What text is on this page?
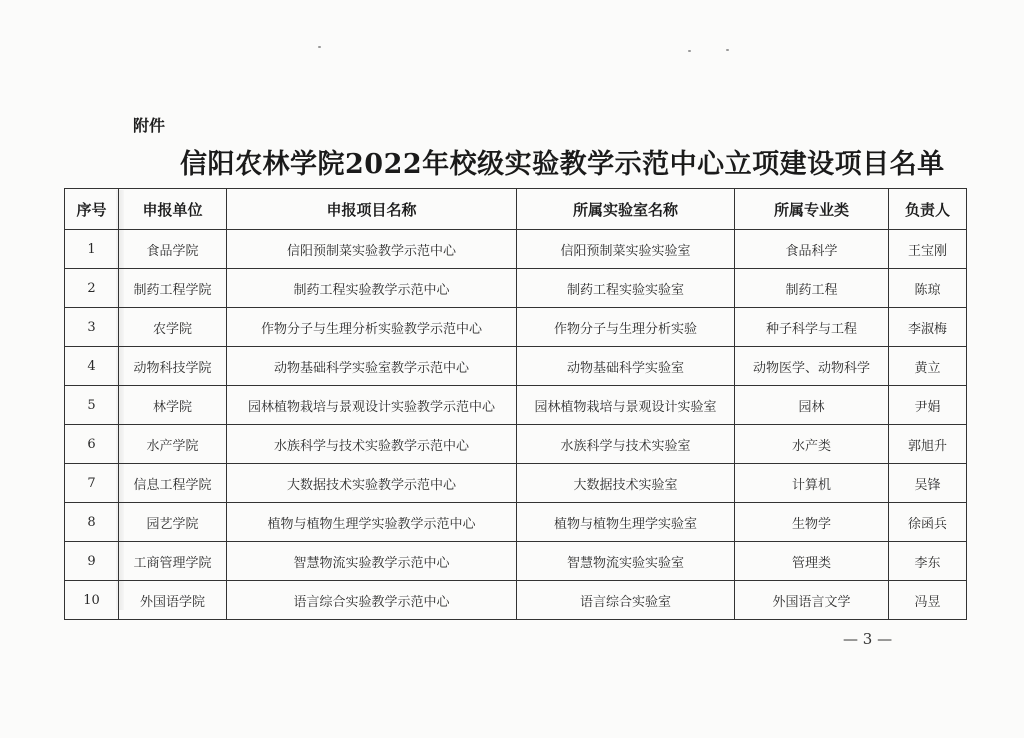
附件
信阳农林学院2022年校级实验教学示范中心立项建设项目名单
序号	申报单位	申报项目名称	所属实验室名称	所属专业类	负责人
1	食品学院	信阳预制菜实验教学示范中心	信阳预制菜实验实验室	食品科学	王宝刚
2	制药工程学院	制药工程实验教学示范中心	制药工程实验实验室	制药工程	陈琼
3	农学院	作物分子与生理分析实验教学示范中心	作物分子与生理分析实验	种子科学与工程	李淑梅
4	动物科技学院	动物基础科学实验室教学示范中心	动物基础科学实验室	动物医学、动物科学	黄立
5	林学院	园林植物栽培与景观设计实验教学示范中心	园林植物栽培与景观设计实验室	园林	尹娟
6	水产学院	水族科学与技术实验教学示范中心	水族科学与技术实验室	水产类	郭旭升
7	信息工程学院	大数据技术实验教学示范中心	大数据技术实验室	计算机	吴锋
8	园艺学院	植物与植物生理学实验教学示范中心	植物与植物生理学实验室	生物学	徐函兵
9	工商管理学院	智慧物流实验教学示范中心	智慧物流实验实验室	管理类	李东
10	外国语学院	语言综合实验教学示范中心	语言综合实验室	外国语言文学	冯昱
— 3 —
